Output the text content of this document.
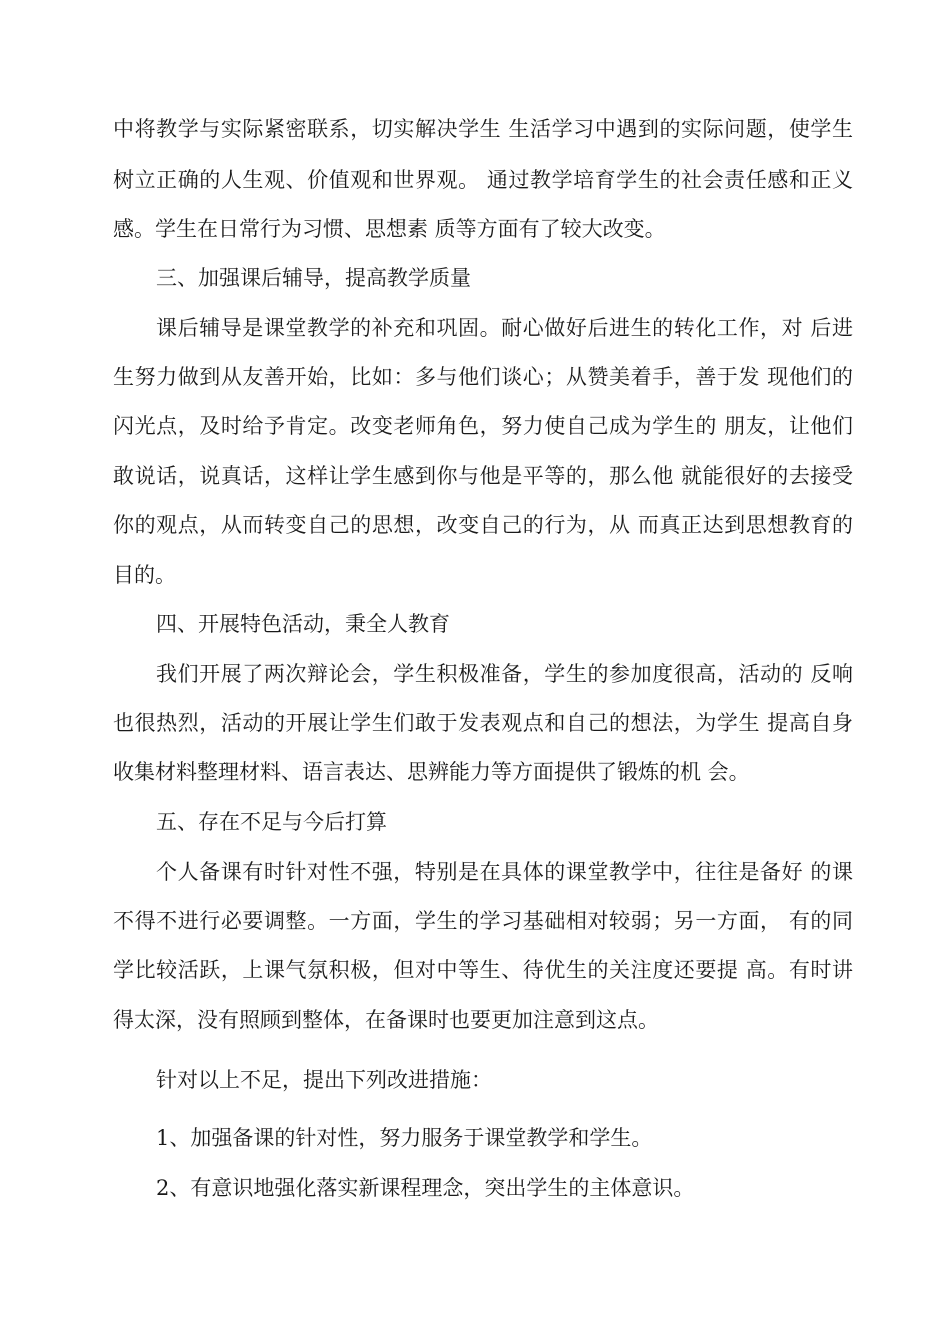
中将教学与实际紧密联系，切实解决学生 生活学习中遇到的实际问题，使学生
树立正确的人生观、价值观和世界观。 通过教学培育学生的社会责任感和正义
感。学生在日常行为习惯、思想素 质等方面有了较大改变。
三、加强课后辅导，提高教学质量
课后辅导是课堂教学的补充和巩固。耐心做好后进生的转化工作，对 后进
生努力做到从友善开始，比如：多与他们谈心；从赞美着手，善于发 现他们的
闪光点，及时给予肯定。改变老师角色，努力使自己成为学生的 朋友，让他们
敢说话，说真话，这样让学生感到你与他是平等的，那么他 就能很好的去接受
你的观点，从而转变自己的思想，改变自己的行为，从 而真正达到思想教育的
目的。
四、开展特色活动，秉全人教育
我们开展了两次辩论会，学生积极准备，学生的参加度很高，活动的 反响
也很热烈，活动的开展让学生们敢于发表观点和自己的想法，为学生 提高自身
收集材料整理材料、语言表达、思辨能力等方面提供了锻炼的机 会。
五、存在不足与今后打算
个人备课有时针对性不强，特别是在具体的课堂教学中，往往是备好 的课
不得不进行必要调整。一方面，学生的学习基础相对较弱；另一方面， 有的同
学比较活跃，上课气氛积极，但对中等生、待优生的关注度还要提 高。有时讲
得太深，没有照顾到整体，在备课时也要更加注意到这点。
针对以上不足，提出下列改进措施：
1、加强备课的针对性，努力服务于课堂教学和学生。
2、有意识地强化落实新课程理念，突出学生的主体意识。
